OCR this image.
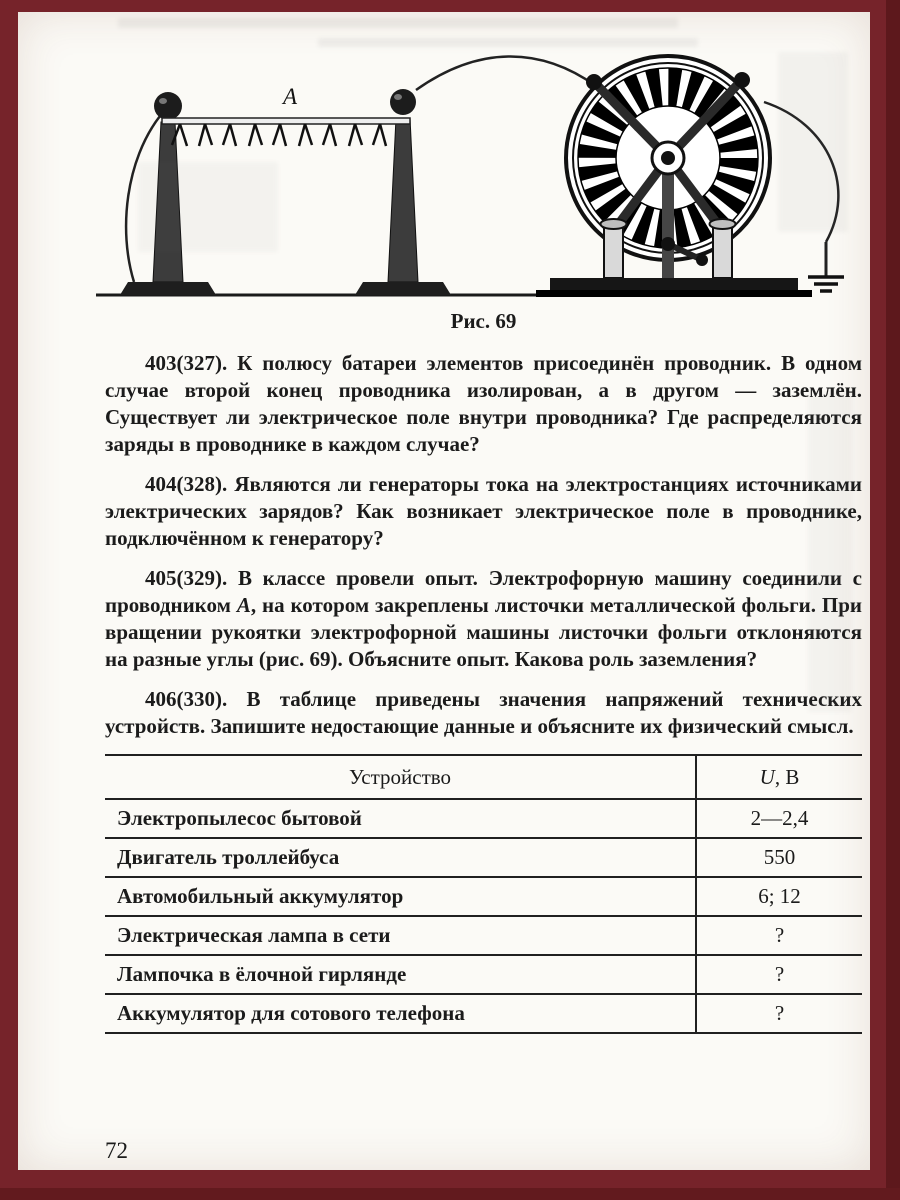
A
Рис. 69

403(327). К полюсу батареи элементов присоединён проводник. В одном случае второй конец проводника изолирован, а в другом — заземлён. Существует ли электрическое поле внутри проводника? Где распределяются заряды в проводнике в каждом случае?

404(328). Являются ли генераторы тока на электростанциях источниками электрических зарядов? Как возникает электрическое поле в проводнике, подключённом к генератору?

405(329). В классе провели опыт. Электрофорную машину соединили с проводником А, на котором закреплены листочки металлической фольги. При вращении рукоятки электрофорной машины листочки фольги отклоняются на разные углы (рис. 69). Объясните опыт. Какова роль заземления?

406(330). В таблице приведены значения напряжений технических устройств. Запишите недостающие данные и объясните их физический смысл.

Устройство	U, В
Электропылесос бытовой	2—2,4
Двигатель троллейбуса	550
Автомобильный аккумулятор	6; 12
Электрическая лампа в сети	?
Лампочка в ёлочной гирлянде	?
Аккумулятор для сотового телефона	?
72
